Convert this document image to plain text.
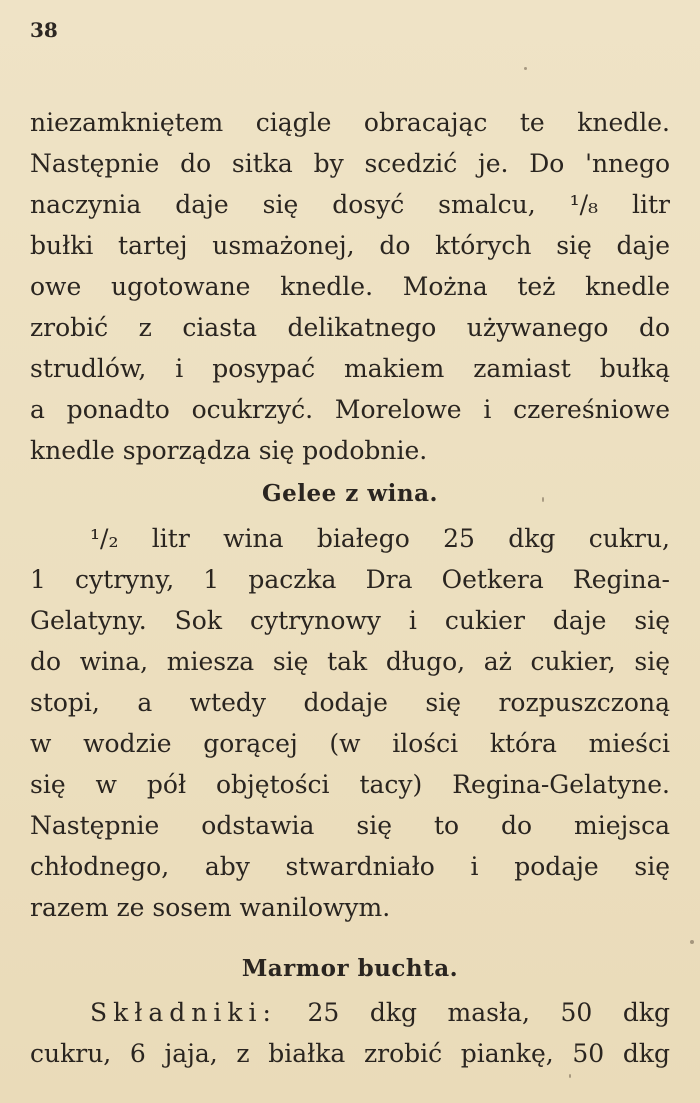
38
niezamkniętem ciągle obracając te knedle.
Następnie do sitka by scedzić je. Do 'nnego
naczynia daje się dosyć smalcu, ¹/₈ litr
bułki tartej usmażonej, do których się daje
owe ugotowane knedle. Można też knedle
zrobić z ciasta delikatnego używanego do
strudlów, i posypać makiem zamiast bułką
a ponadto ocukrzyć. Morelowe i czereśniowe
knedle sporządza się podobnie.
Gelee z wina.
¹/₂ litr wina białego 25 dkg cukru,
1 cytryny, 1 paczka Dra Oetkera Regina-
Gelatyny. Sok cytrynowy i cukier daje się
do wina, miesza się tak długo, aż cukier, się
stopi, a wtedy dodaje się rozpuszczoną
w wodzie gorącej (w ilości która mieści
się w pół objętości tacy) Regina-Gelatyne.
Następnie odstawia się to do miejsca
chłodnego, aby stwardniało i podaje się
razem ze sosem wanilowym.
Marmor buchta.
Składniki: 25 dkg masła, 50 dkg
cukru, 6 jaja, z białka zrobić piankę, 50 dkg
